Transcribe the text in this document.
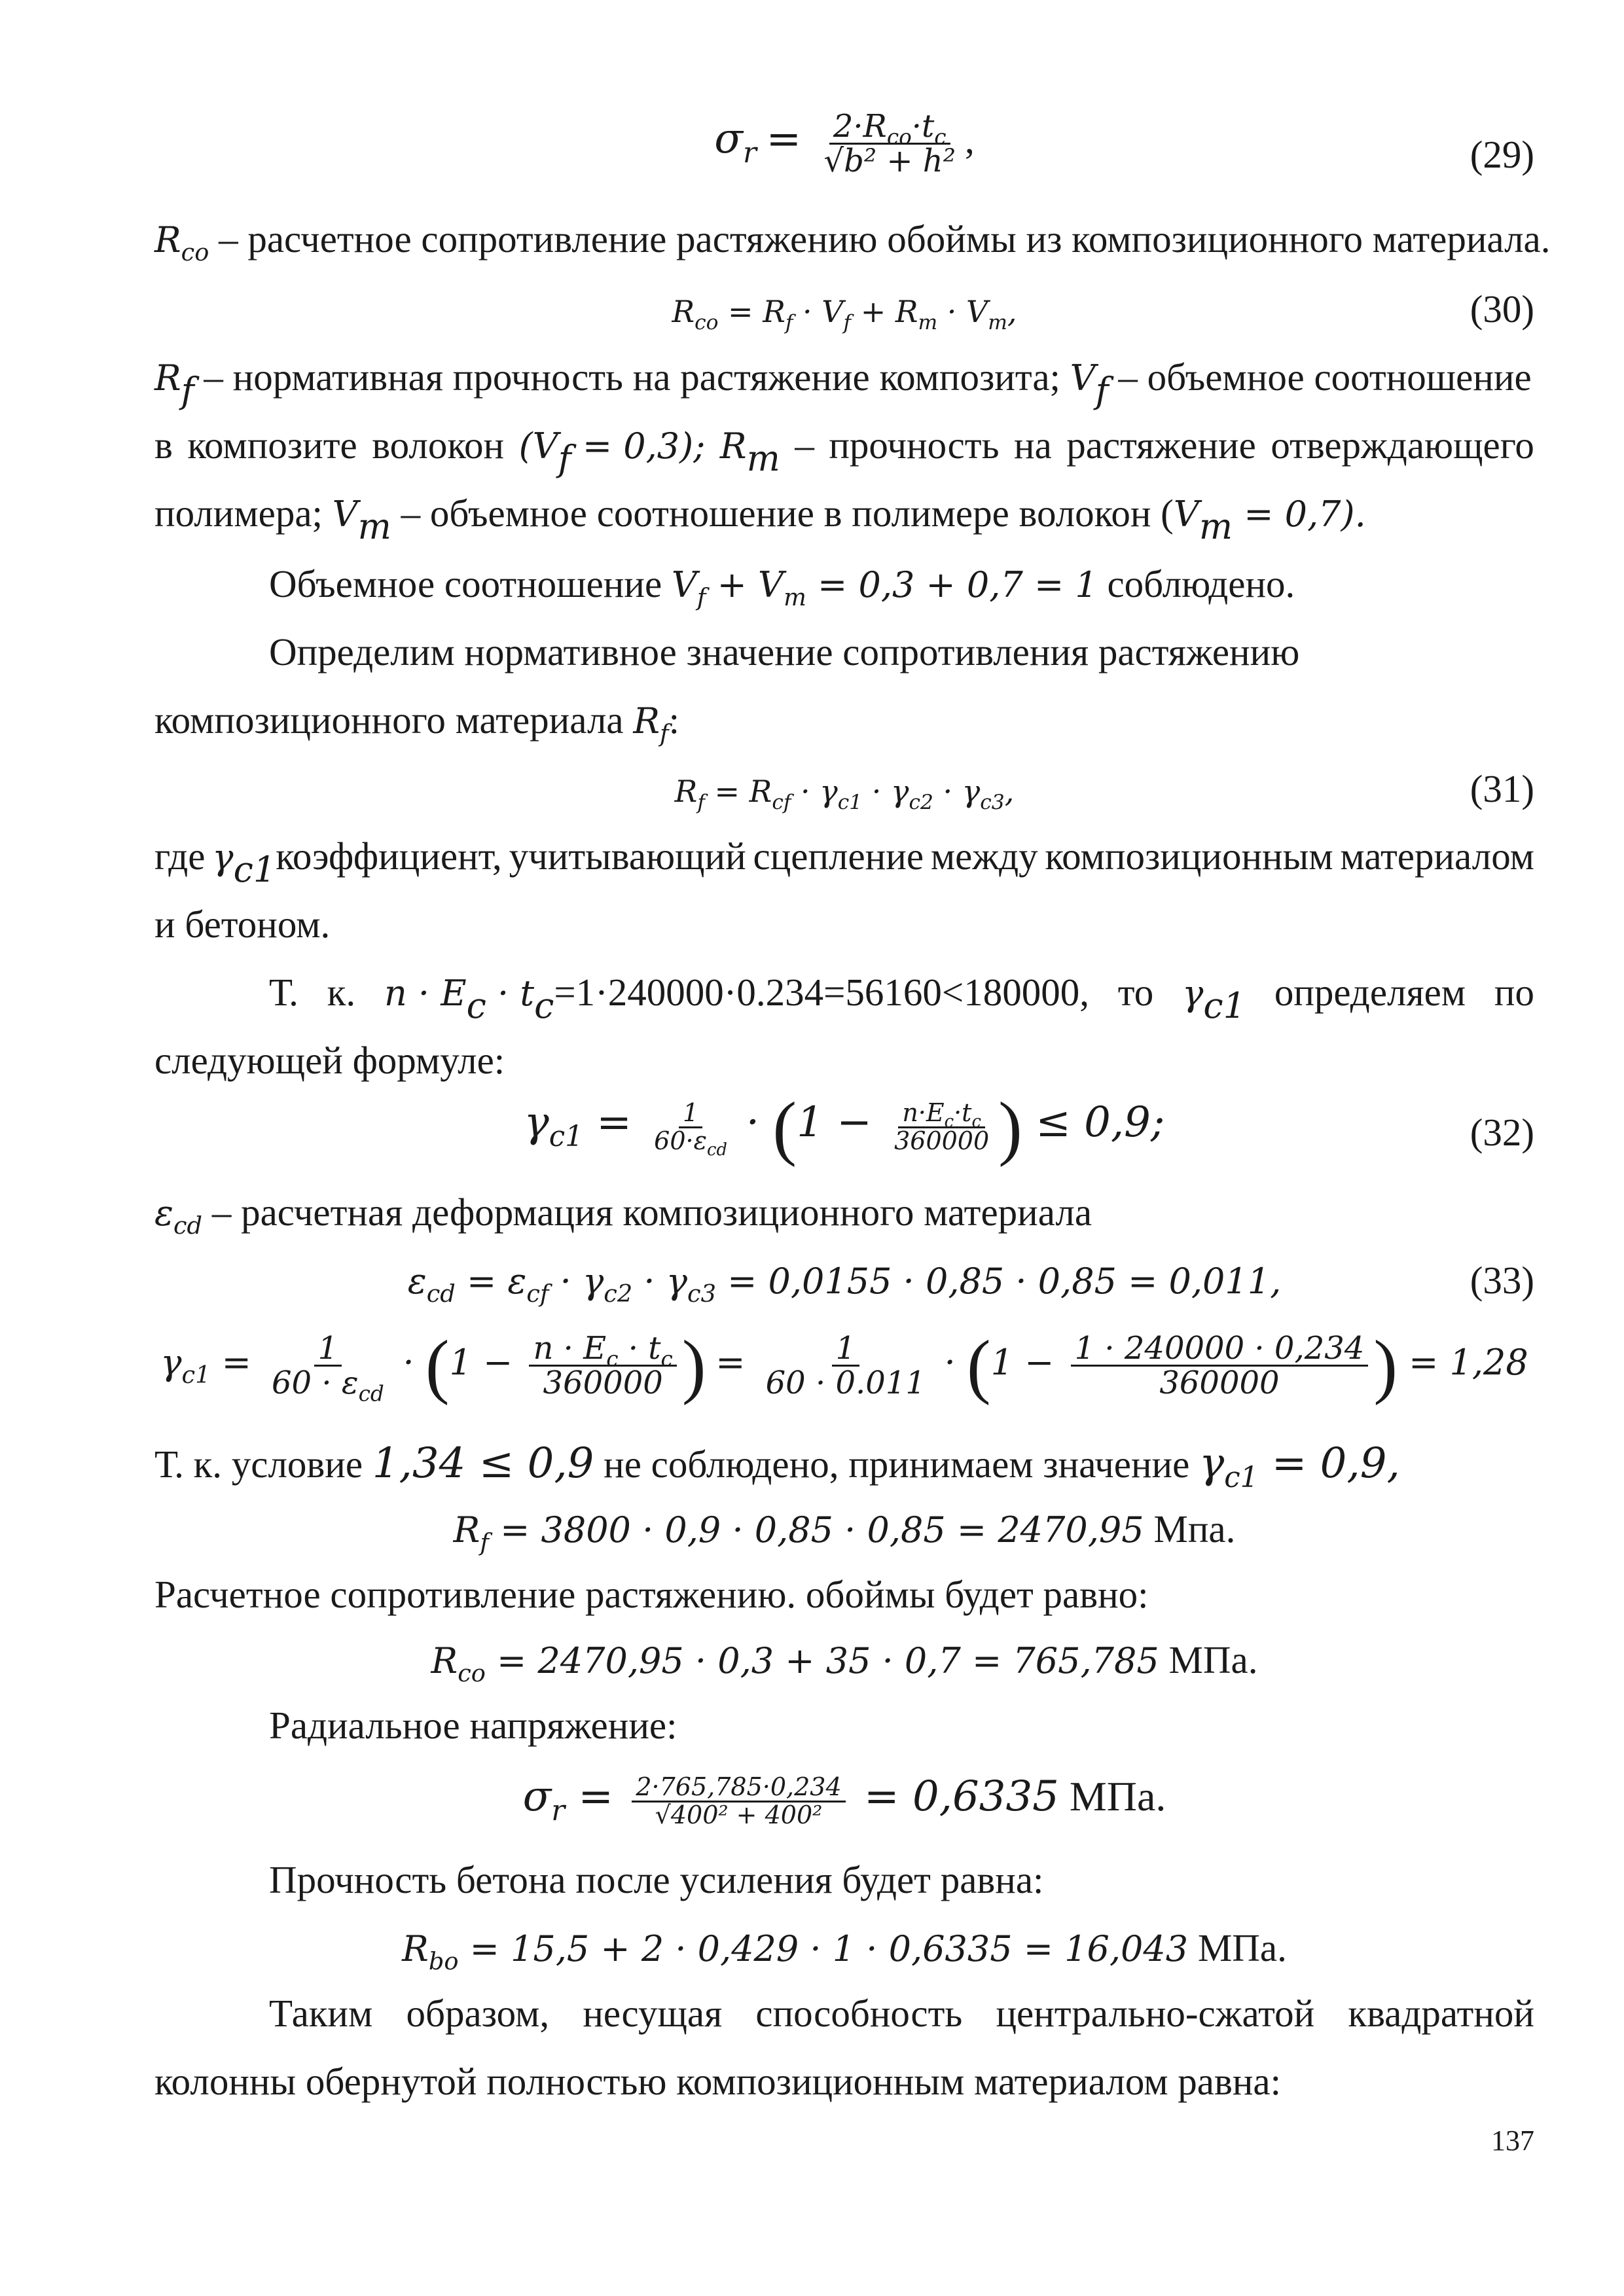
$\sigma_r = 2\cdot R_{co}\cdot t_c$
√b² + h² ,	(29)
$R_{co}$ – расчетное сопротивление растяжению обоймы из композиционного материала.
$R_{co} = R_f \cdot V_f + R_m \cdot V_m$,	(30)
$R_f$ – нормативная прочность на растяжение композита; $V_f$ – объемное соотношение
в композите волокон $(V_f = 0,3)$; $R_m$ – прочность на растяжение отверждающего
полимера; $V_m$ – объемное соотношение в полимере волокон $(V_m = 0,7)$.
Объемное соотношение $V_f + V_m = 0,3 + 0,7 = 1$ соблюдено.
Определим нормативное значение сопротивления растяжению
композиционного материала $R_f$:
$R_f = R_{cf} \cdot \gamma_{c1} \cdot \gamma_{c2} \cdot \gamma_{c3}$,	(31)
где $\gamma_{c1}коэффициент$, учитывающий сцепление между композиционным материалом
и бетоном.
Т. к. $n \cdot E_c \cdot t_c=1\cdot 240000\cdot 0.234=56160<180000$, то $\gamma_{c1}$ определяем по
следующей формуле:
$\gamma_{c1} = 1$
$60\cdot\varepsilon_{cd}$
· ($1 - \frac{n\cdot E_c\cdot t_c}{360000}$ ) ≤ 0,9;	(32)
$\varepsilon_{cd}$ – расчетная деформация композиционного материала
$\varepsilon_{cd} = \varepsilon_{cf} \cdot \gamma_{c2} \cdot \gamma_{c3} = 0,0155 \cdot 0,85 \cdot 0,85 = 0,011$,	(33)
$\gamma_{c1} = 1$
$60 \cdot \varepsilon_{cd}$
· ($1 - \frac{n \cdot E_c \cdot t_c}{360000}$ ) = $\frac{1}{60 \cdot 0.011} \cdot (1 - \frac{1 \cdot 240000 \cdot 0,234}{360000}$ ) = 1,28
Т. к. условие 1,34 ≤ 0,9 не соблюдено, принимаем значение $\gamma_{c1} = 0,9$,
$R_f = 3800 \cdot 0,9 \cdot 0,85 \cdot 0,85 = 2470,95$ Мпа.
Расчетное сопротивление растяжению. обоймы будет равно:
$R_{co} = 2470,95 \cdot 0,3 + 35 \cdot 0,7 = 765,785$ МПа.
Радиальное напряжение:
$\sigma_r = \frac{2\cdot 765,785\cdot 0,234}{\text{√400² + 400²}} = 0,6335$ МПа.
Прочность бетона после усиления будет равна:
$R_{bo} = 15,5 + 2 \cdot 0,429 \cdot 1 \cdot 0,6335 = 16,043$ МПа.
Таким образом, несущая способность центрально-сжатой квадратной
колонны обернутой полностью композиционным материалом равна:
137
